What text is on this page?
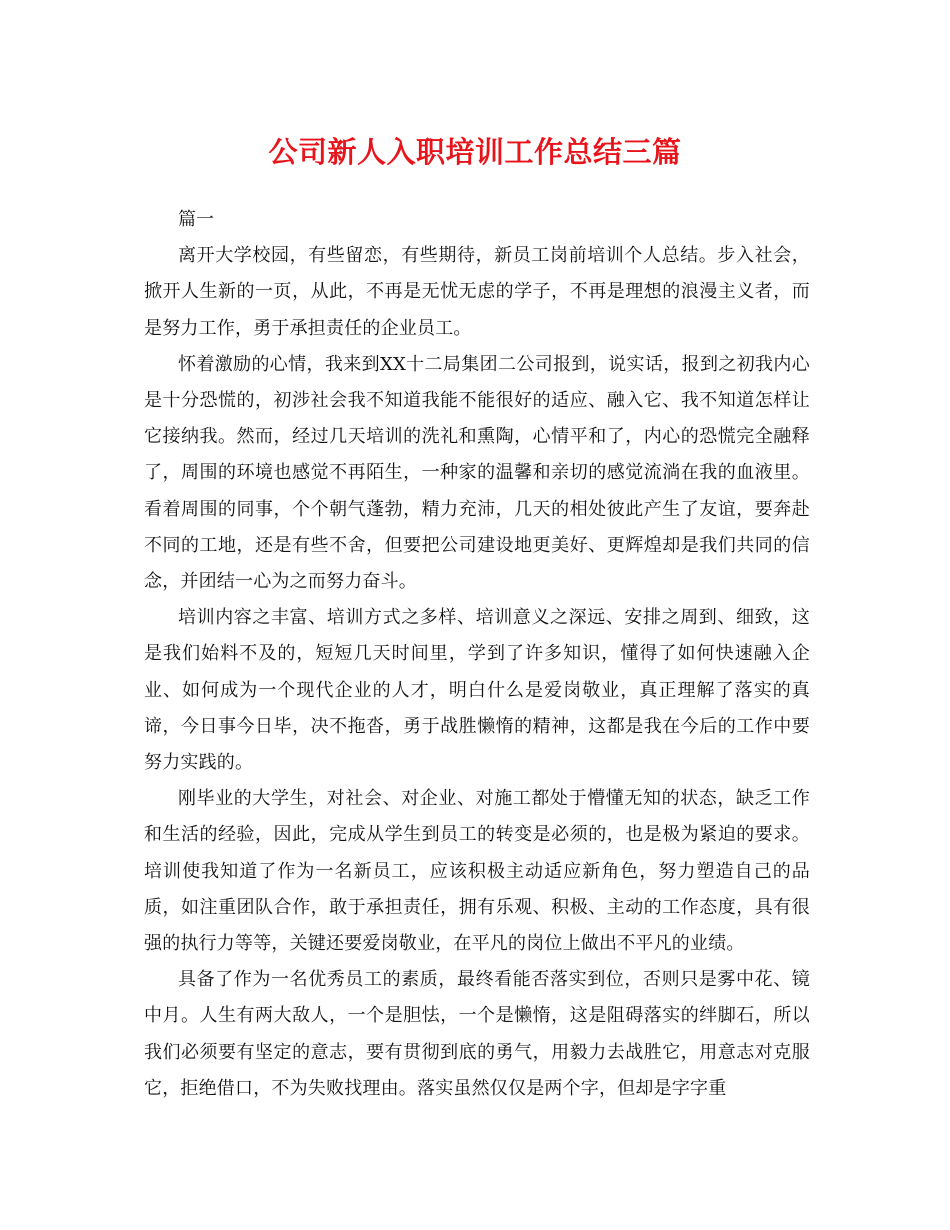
公司新人入职培训工作总结三篇

篇一

离开大学校园，有些留恋，有些期待，新员工岗前培训个人总结。步入社会，掀开人生新的一页，从此，不再是无忧无虑的学子，不再是理想的浪漫主义者，而是努力工作，勇于承担责任的企业员工。

怀着激励的心情，我来到XX十二局集团二公司报到，说实话，报到之初我内心是十分恐慌的，初涉社会我不知道我能不能很好的适应、融入它、我不知道怎样让它接纳我。然而，经过几天培训的洗礼和熏陶，心情平和了，内心的恐慌完全融释了，周围的环境也感觉不再陌生，一种家的温馨和亲切的感觉流淌在我的血液里。看着周围的同事，个个朝气蓬勃，精力充沛，几天的相处彼此产生了友谊，要奔赴不同的工地，还是有些不舍，但要把公司建设地更美好、更辉煌却是我们共同的信念，并团结一心为之而努力奋斗。

培训内容之丰富、培训方式之多样、培训意义之深远、安排之周到、细致，这是我们始料不及的，短短几天时间里，学到了许多知识，懂得了如何快速融入企业、如何成为一个现代企业的人才，明白什么是爱岗敬业，真正理解了落实的真谛，今日事今日毕，决不拖沓，勇于战胜懒惰的精神，这都是我在今后的工作中要努力实践的。

刚毕业的大学生，对社会、对企业、对施工都处于懵懂无知的状态，缺乏工作和生活的经验，因此，完成从学生到员工的转变是必须的，也是极为紧迫的要求。培训使我知道了作为一名新员工，应该积极主动适应新角色，努力塑造自己的品质，如注重团队合作，敢于承担责任，拥有乐观、积极、主动的工作态度，具有很强的执行力等等，关键还要爱岗敬业，在平凡的岗位上做出不平凡的业绩。

具备了作为一名优秀员工的素质，最终看能否落实到位，否则只是雾中花、镜中月。人生有两大敌人，一个是胆怯，一个是懒惰，这是阻碍落实的绊脚石，所以我们必须要有坚定的意志，要有贯彻到底的勇气，用毅力去战胜它，用意志对克服它，拒绝借口，不为失败找理由。落实虽然仅仅是两个字，但却是字字重
